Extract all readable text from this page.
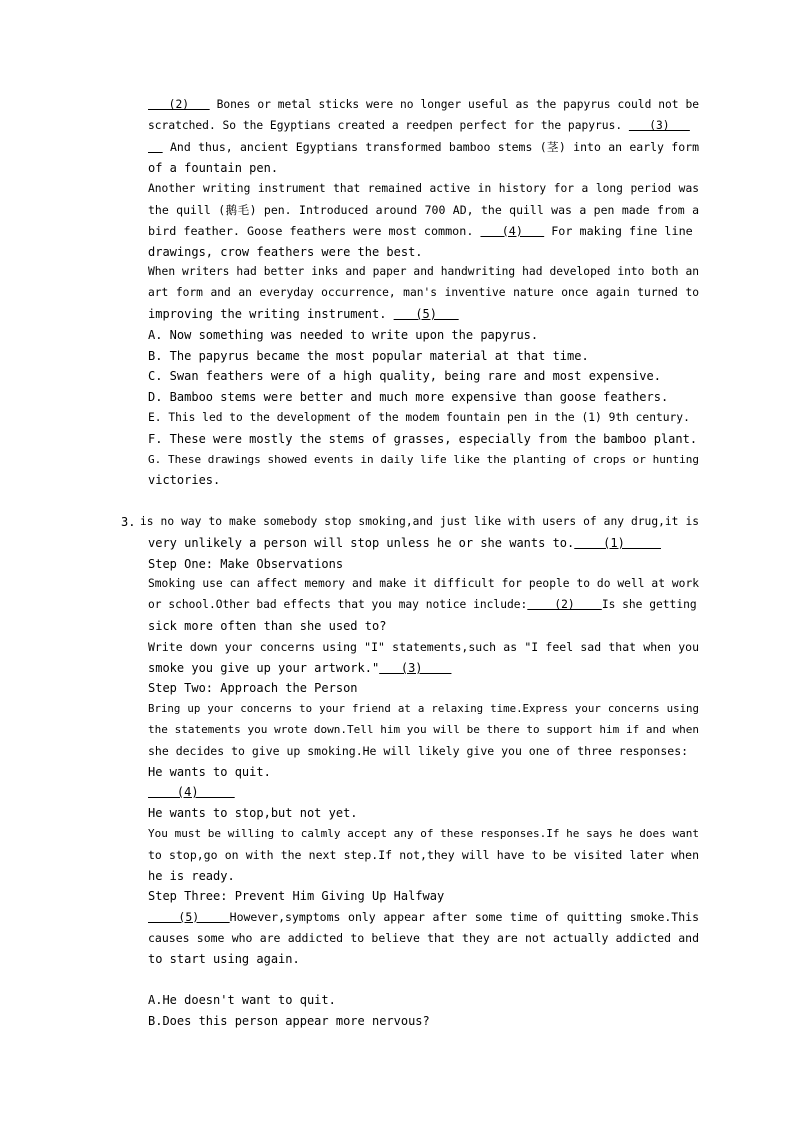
(2)    Bones or metal sticks were no longer useful as the papyrus could not be
scratched. So the Egyptians created a reedpen perfect for the papyrus.    (3)
And thus, ancient Egyptians transformed bamboo stems (茎) into an early form
of a fountain pen.
Another writing instrument that remained active in history for a long period was
the quill (鹅毛) pen. Introduced around 700 AD, the quill was a pen made from a
bird feather. Goose feathers were most common.    (4)    For making fine line
drawings, crow feathers were the best.
When writers had better inks and paper and handwriting had developed into both an
art form and an everyday occurrence, man's inventive nature once again turned to
improving the writing instrument.    (5)
A. Now something was needed to write upon the papyrus.
B. The papyrus became the most popular material at that time.
C. Swan feathers were of a high quality, being rare and most expensive.
D. Bamboo stems were better and much more expensive than goose feathers.
E. This led to the development of the modem fountain pen in the (1) 9th century.
F. These were mostly the stems of grasses, especially from the bamboo plant.
G. These drawings showed events in daily life like the planting of crops or hunting
victories.
3. is no way to make somebody stop smoking,and just like with users of any drug,it is
very unlikely a person will stop unless he or she wants to.    (1)
Step One: Make Observations
Smoking use can affect memory and make it difficult for people to do well at work
or school.Other bad effects that you may notice include:    (2)    Is she getting
sick more often than she used to?
Write down your concerns using "I" statements,such as "I feel sad that when you
smoke you give up your artwork."   (3)
Step Two: Approach the Person
Bring up your concerns to your friend at a relaxing time.Express your concerns using
the statements you wrote down.Tell him you will be there to support him if and when
she decides to give up smoking.He will likely give you one of three responses:
He wants to quit.
(4)
He wants to stop,but not yet.
You must be willing to calmly accept any of these responses.If he says he does want
to stop,go on with the next step.If not,they will have to be visited later when
he is ready.
Step Three: Prevent Him Giving Up Halfway
(5)    However,symptoms only appear after some time of quitting smoke.This
causes some who are addicted to believe that they are not actually addicted and
to start using again.
A.He doesn't want to quit.
B.Does this person appear more nervous?
